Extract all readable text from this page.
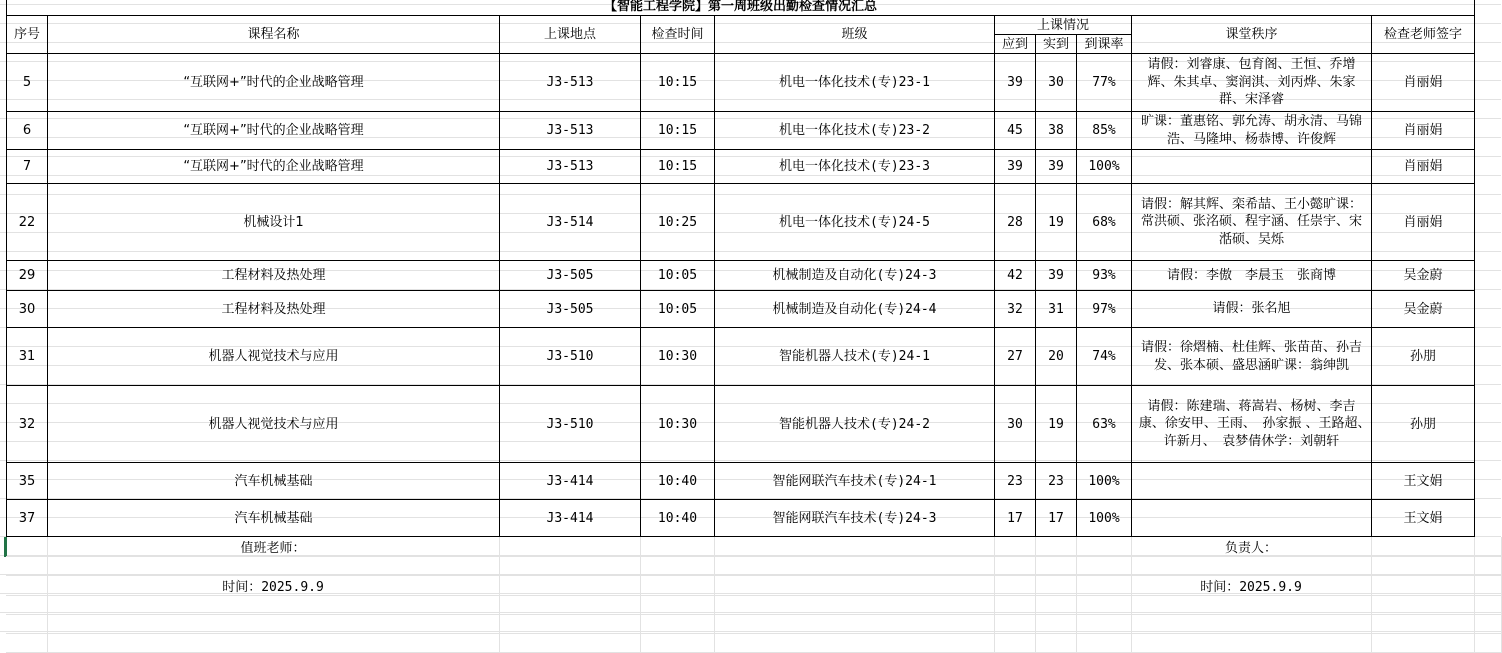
【智能工程学院】第一周班级出勤检查情况汇总									
序号	课程名称	上课地点	检查时间	班级	上课情况			课堂秩序	检查老师签字
					应到	实到	到课率		
5	“互联网+”时代的企业战略管理	J3-513	10:15	机电一体化技术(专)23-1	39	30	77%	请假：刘睿康、包育阁、王恒、乔增辉、朱其卓、窦润淇、刘丙烨、朱家群、宋泽睿	肖丽娟
6	“互联网+”时代的企业战略管理	J3-513	10:15	机电一体化技术(专)23-2	45	38	85%	旷课：董惠铭、郭允涛、胡永清、马锦浩、马隆坤、杨恭博、许俊辉	肖丽娟
7	“互联网+”时代的企业战略管理	J3-513	10:15	机电一体化技术(专)23-3	39	39	100%		肖丽娟
22	机械设计1	J3-514	10:25	机电一体化技术(专)24-5	28	19	68%	请假：解其辉、栾希喆、王小懿旷课：常洪硕、张洺硕、程宇涵、任崇宇、宋湉硕、吴烁	肖丽娟
29	工程材料及热处理	J3-505	10:05	机械制造及自动化(专)24-3	42	39	93%	请假：李傲　李晨玉　张商博	吴金蔚
30	工程材料及热处理	J3-505	10:05	机械制造及自动化(专)24-4	32	31	97%	请假：张名旭	吴金蔚
31	机器人视觉技术与应用	J3-510	10:30	智能机器人技术(专)24-1	27	20	74%	请假：徐熠楠、杜佳辉、张苗苗、孙吉发、张本硕、盛思涵旷课：翁绅凯	孙朋
32	机器人视觉技术与应用	J3-510	10:30	智能机器人技术(专)24-2	30	19	63%	请假：陈建瑞、蒋嵩岩、杨树、李吉康、徐安甲、王雨、　孙家振 、王路超、　许新月、　袁梦倩休学：刘朝轩	孙朋
35	汽车机械基础	J3-414	10:40	智能网联汽车技术(专)24-1	23	23	100%		王文娟
37	汽车机械基础	J3-414	10:40	智能网联汽车技术(专)24-3	17	17	100%		王文娟
	值班老师：							负责人：		

	时间：2025.9.9							时间：2025.9.9		
